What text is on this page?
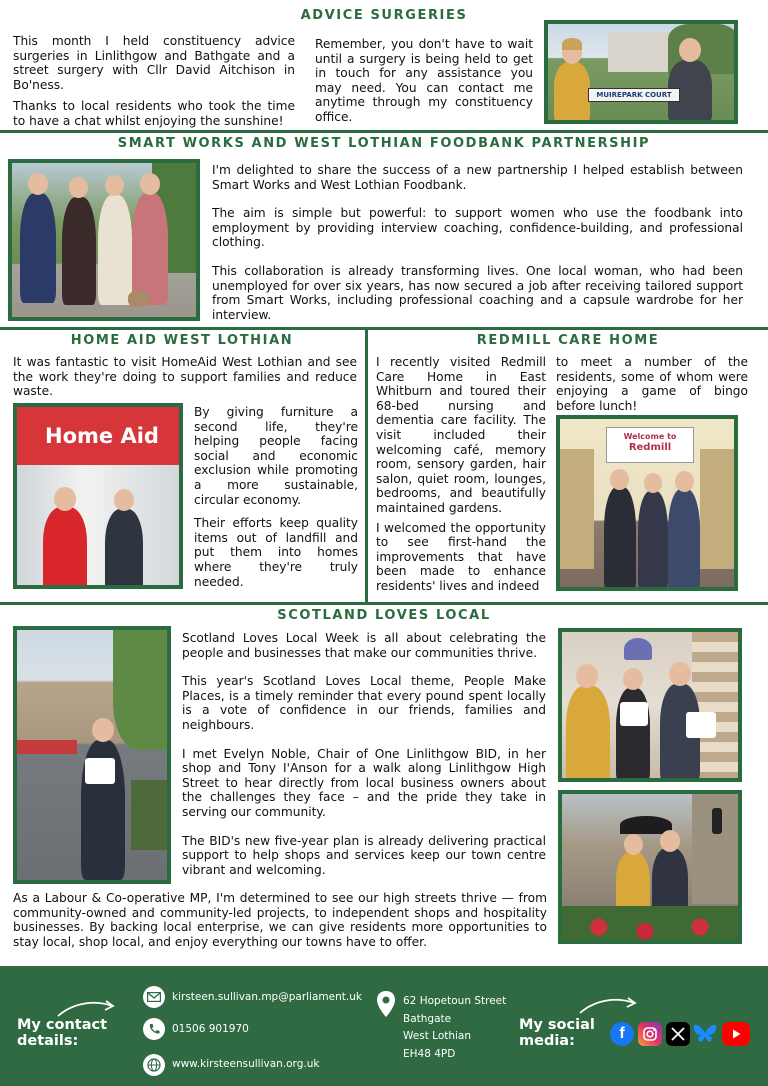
ADVICE SURGERIES

This month I held constituency advice surgeries in Linlithgow and Bathgate and a street surgery with Cllr David Aitchison in Bo'ness.

Thanks to local residents who took the time to have a chat whilst enjoying the sunshine!

Remember, you don't have to wait until a surgery is being held to get in touch for any assistance you may need. You can contact me anytime through my constituency office.

MUIREPARK COURT
SMART WORKS AND WEST LOTHIAN FOODBANK PARTNERSHIP

I'm delighted to share the success of a new partnership I helped establish between Smart Works and West Lothian Foodbank.

The aim is simple but powerful: to support women who use the foodbank into employment by providing interview coaching, confidence-building, and professional clothing.

This collaboration is already transforming lives. One local woman, who had been unemployed for over six years, has now secured a job after receiving tailored support from Smart Works, including professional coaching and a capsule wardrobe for her interview.

HOME AID WEST LOTHIAN
It was fantastic to visit HomeAid West Lothian and see the work they're doing to support families and reduce waste.
Home Aid

By giving furniture a second life, they're helping people facing social and economic exclusion while promoting a more sustainable, circular economy.

Their efforts keep quality items out of landfill and put them into homes where they're truly needed.

REDMILL CARE HOME

I recently visited Redmill Care Home in East Whitburn and toured their 68-bed nursing and dementia care facility. The visit included their welcoming café, memory room, sensory garden, hair salon, quiet room, lounges, bedrooms, and beautifully maintained gardens.

I welcomed the opportunity to see first-hand the improvements that have been made to enhance residents' lives and indeed

to meet a number of the residents, some of whom were enjoying a game of bingo before lunch!

Welcome to
Redmill
SCOTLAND LOVES LOCAL

Scotland Loves Local Week is all about celebrating the people and businesses that make our communities thrive.

This year's Scotland Loves Local theme, People Make Places, is a timely reminder that every pound spent locally is a vote of confidence in our friends, families and neighbours.

I met Evelyn Noble, Chair of One Linlithgow BID, in her shop and Tony I'Anson for a walk along Linlithgow High Street to hear directly from local business owners about the challenges they face – and the pride they take in serving our community.

The BID's new five-year plan is already delivering practical support to help shops and services keep our town centre vibrant and welcoming.

As a Labour & Co-operative MP, I'm determined to see our high streets thrive — from community-owned and community-led projects, to independent shops and hospitality businesses. By backing local enterprise, we can give residents more opportunities to stay local, shop local, and enjoy everything our towns have to offer.
My contact
details:
kirsteen.sullivan.mp@parliament.uk
01506 901970
www.kirsteensullivan.org.uk
62 Hopetoun Street
Bathgate
West Lothian
EH48 4PD
My social
media:	f
